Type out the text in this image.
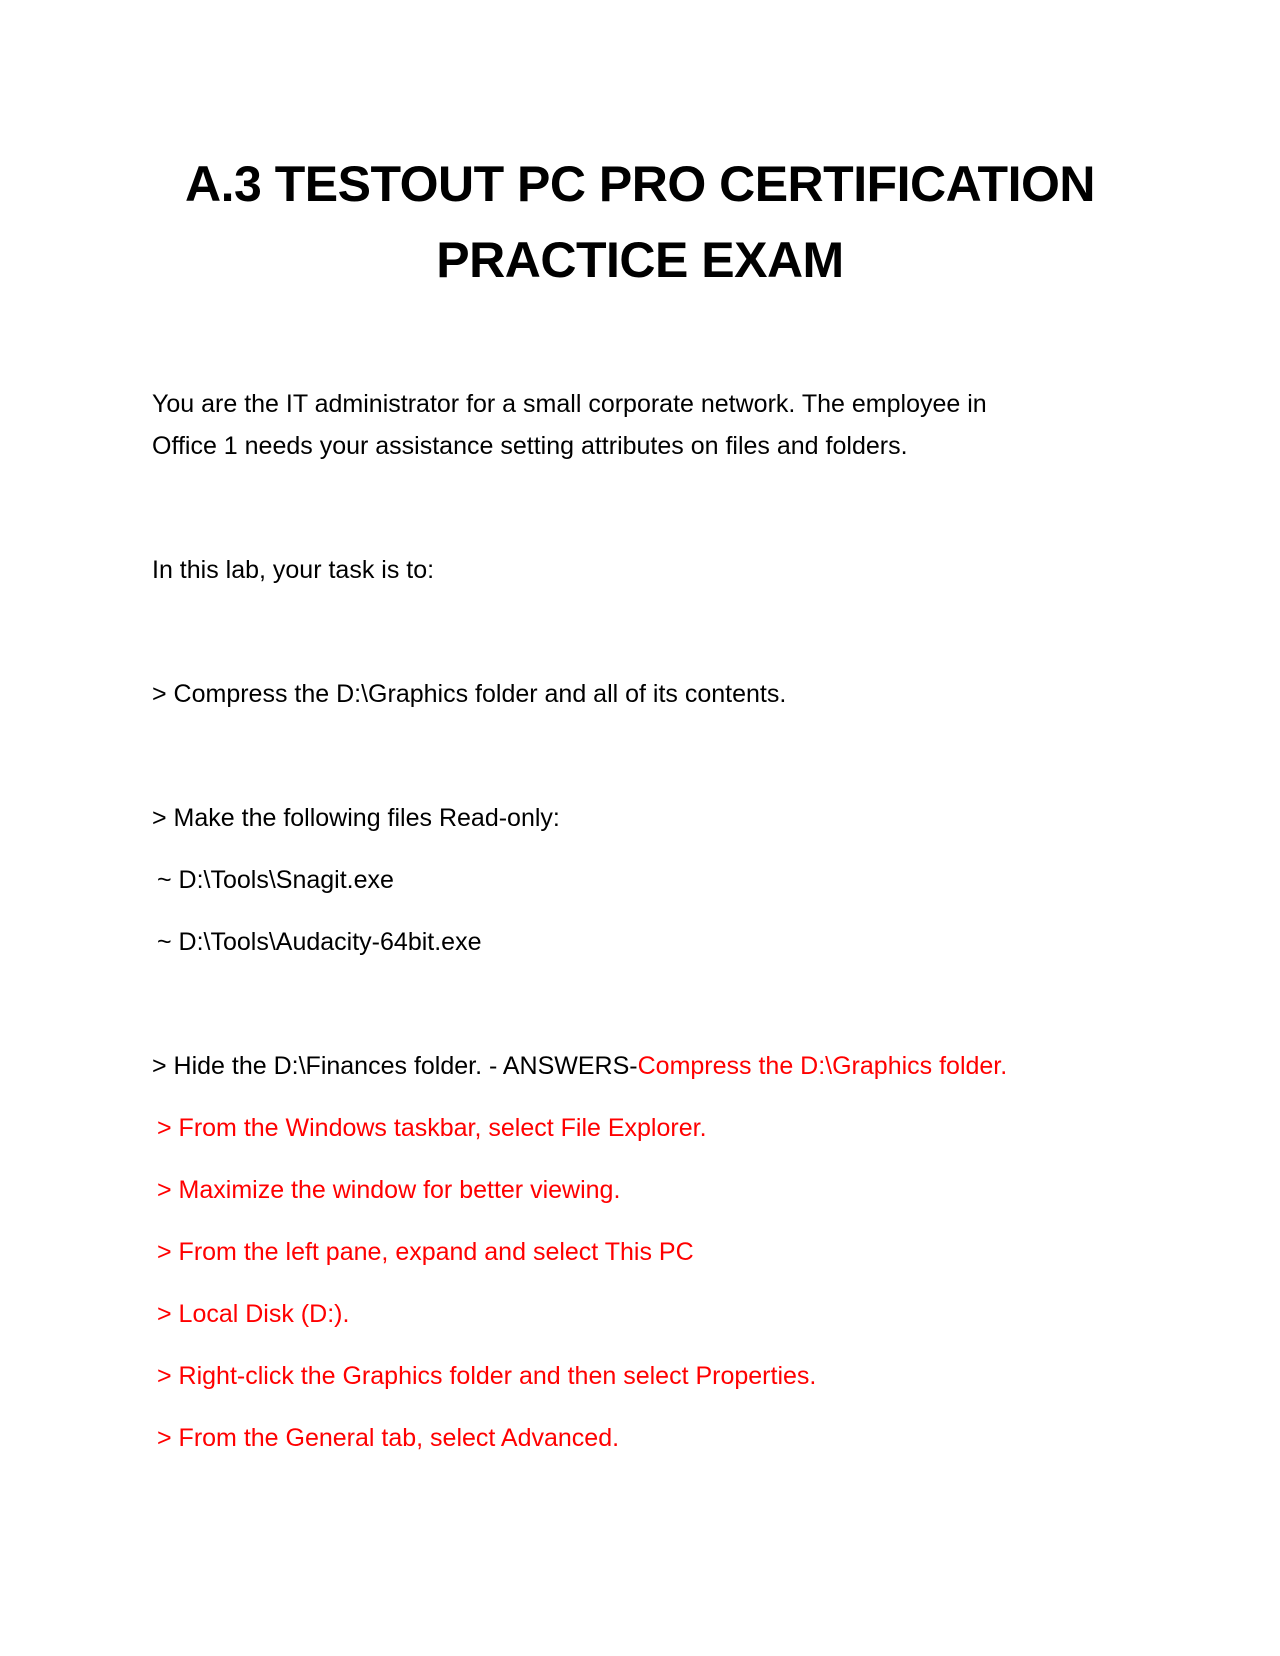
A.3 TESTOUT PC PRO CERTIFICATION
PRACTICE EXAM

You are the IT administrator for a small corporate network. The employee in

Office 1 needs your assistance setting attributes on files and folders.

In this lab, your task is to:

> Compress the D:\Graphics folder and all of its contents.

> Make the following files Read-only:

~ D:\Tools\Snagit.exe

~ D:\Tools\Audacity-64bit.exe

> Hide the D:\Finances folder. - ANSWERS-Compress the D:\Graphics folder.

> From the Windows taskbar, select File Explorer.

> Maximize the window for better viewing.

> From the left pane, expand and select This PC

> Local Disk (D:).

> Right-click the Graphics folder and then select Properties.

> From the General tab, select Advanced.
